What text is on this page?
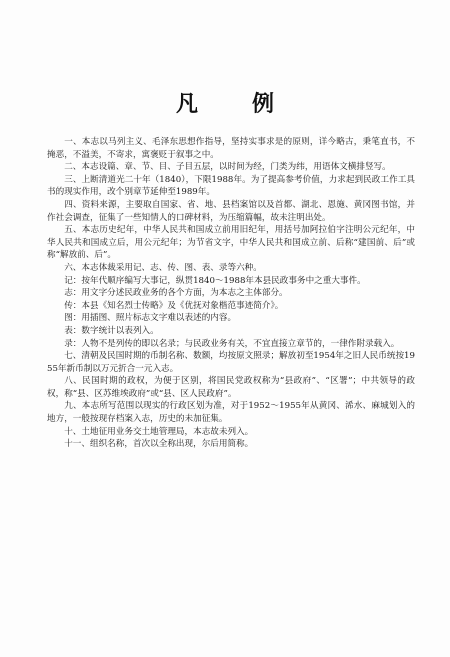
凡　例

一、本志以马列主义、毛泽东思想作指导，坚持实事求是的原则，详今略古，秉笔直书，不掩恶，不溢美，不寄求，寓褒贬于叙事之中。

二、本志设篇、章、节、目、子目五层，以时间为经，门类为纬，用语体文横排竖写。

三、上断清道光二十年（1840），下限1988年。为了提高参考价值，力求起到民政工作工具书的现实作用，改个别章节延伸至1989年。

四、资料来源，主要取自国家、省、地、县档案馆以及首都、湖北、恩施、黄冈图书馆，并作社会调查，征集了一些知情人的口碑材料，为压缩篇幅，故未注明出处。

五、本志历史纪年，中华人民共和国成立前用旧纪年，用括号加阿拉伯字注明公元纪年，中华人民共和国成立后，用公元纪年；为节省文字，中华人民共和国成立前、后称“建国前、后”或称“解放前、后”。

六、本志体裁采用记、志、传、图、表、录等六种。

记：按年代顺序编写大事记，纵贯1840～1988年本县民政事务中之重大事件。

志：用文字分述民政业务的各个方面，为本志之主体部分。

传：本县《知名烈士传略》及《优抚对象楷范事迹简介》。

图：用插图、照片标志文字难以表述的内容。

表：数字统计以表列入。

录：人物不是列传的即以名录；与民政业务有关，不宜直接立章节的，一律作附录载入。

七、清朝及民国时期的币制名称、数额，均按原文照录；解放初至1954年之旧人民币统按1955年新币制以万元折合一元入志。

八、民国时期的政权，为便于区别，将国民党政权称为“县政府”、“区署”；中共领导的政权，称“县、区苏维埃政府”或“县、区人民政府”。

九、本志所写范围以现实的行政区划为准，对于1952～1955年从黄冈、浠水、麻城划入的地方，一般按现存档案入志，历史的未加征集。

十、土地征用业务交土地管理局，本志故未列入。

十一、组织名称，首次以全称出现，尔后用简称。
